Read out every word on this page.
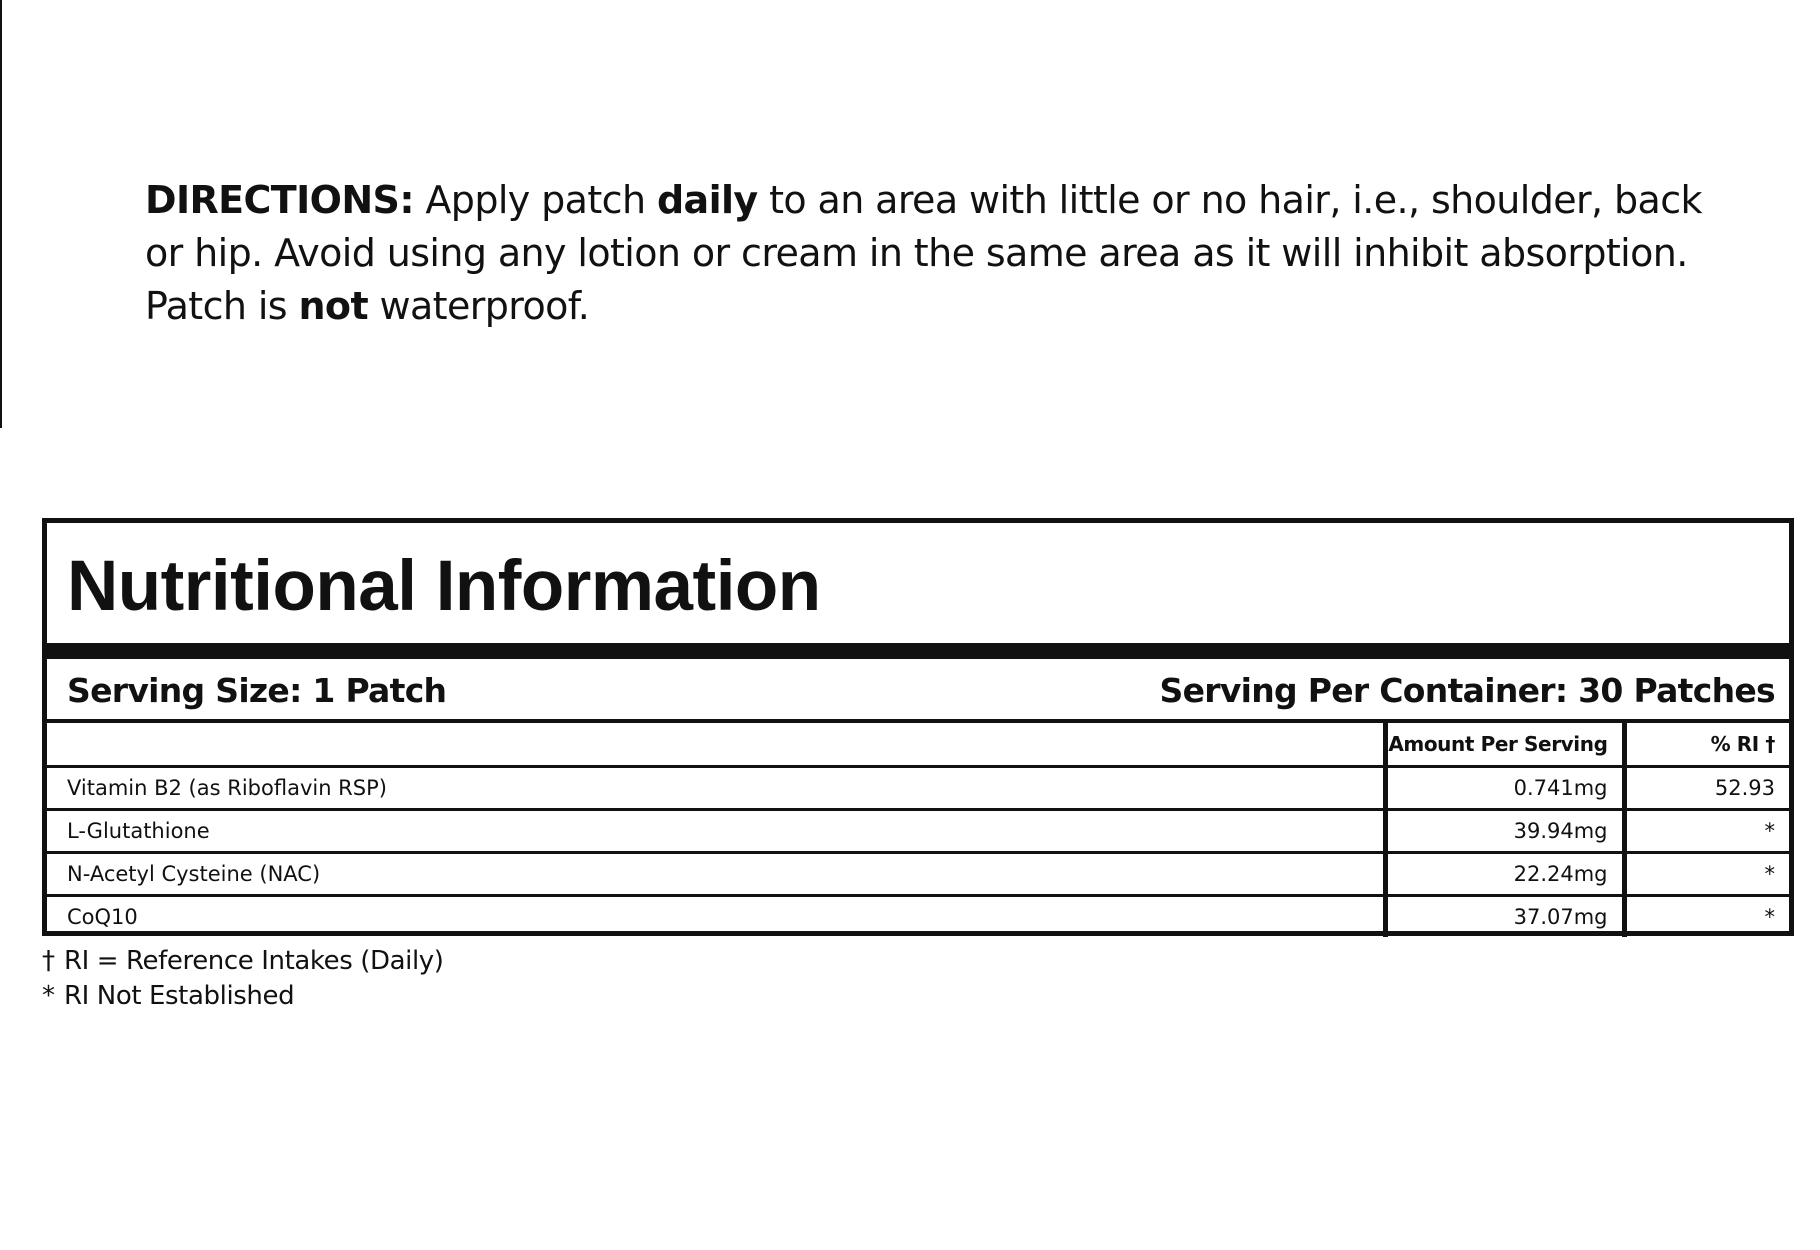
DIRECTIONS: Apply patch daily to an area with little or no hair, i.e., shoulder, back or hip. Avoid using any lotion or cream in the same area as it will inhibit absorption. Patch is not waterproof.

Nutritional Information
Serving Size: 1 Patch	Serving Per Container: 30 Patches
	Amount Per Serving	% RI †
Vitamin B2 (as Riboflavin RSP)	0.741mg	52.93
L-Glutathione	39.94mg	*
N-Acetyl Cysteine (NAC)	22.24mg	*
CoQ10	37.07mg	*
† RI = Reference Intakes (Daily)
* RI Not Established
